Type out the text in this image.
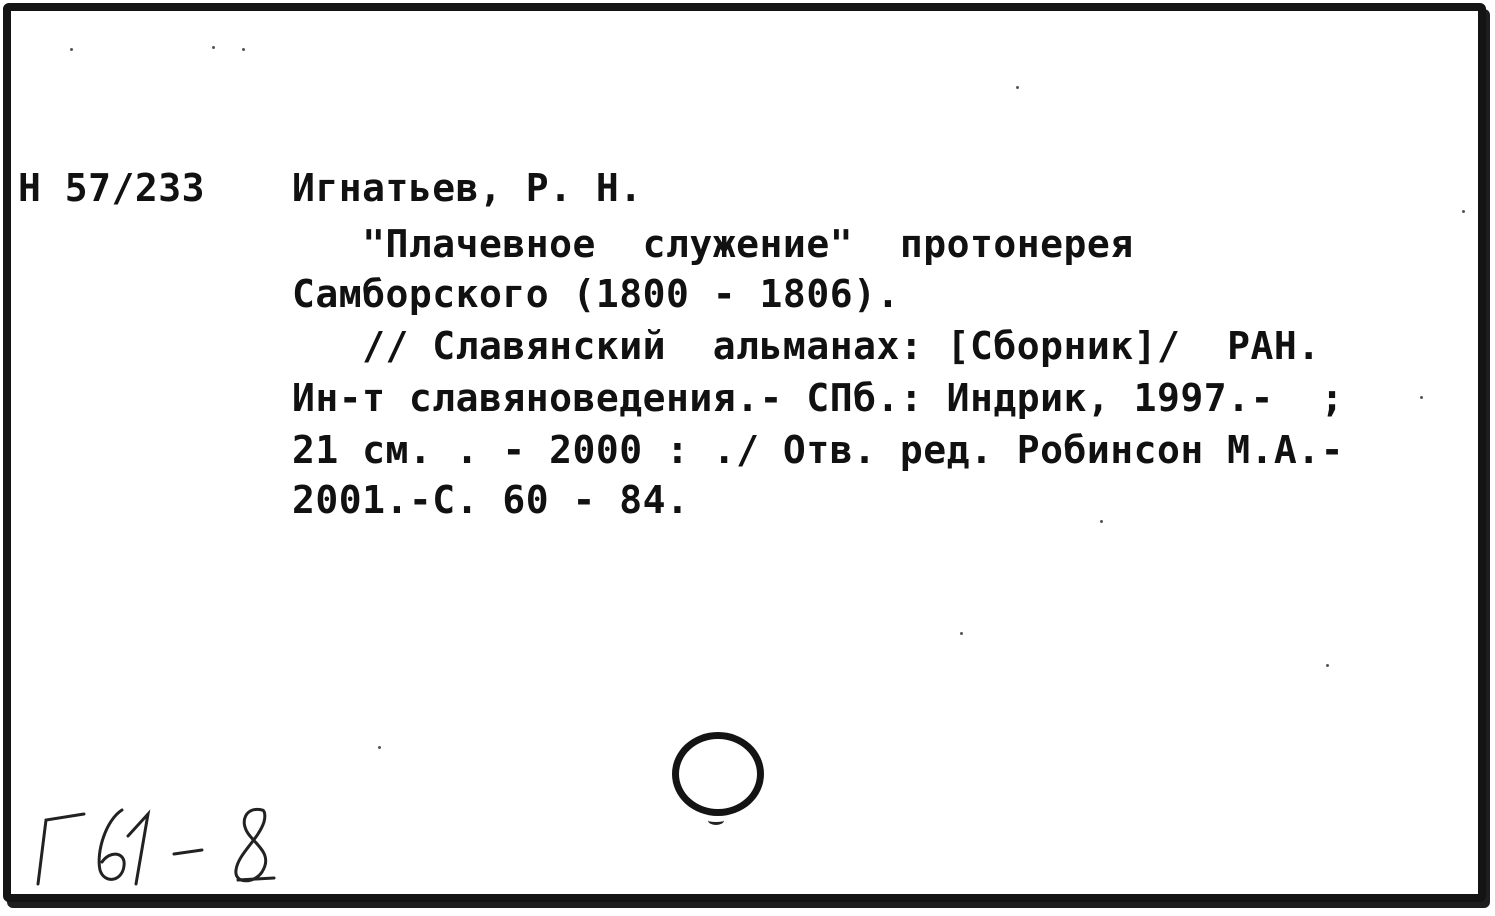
Н 57/233 Игнатьев, Р. Н.
"Плачевное  служение"  протонерея
Самборского (1800 - 1806).
// Славянский  альманах: [Сборник]/  РАН.
Ин-т славяноведения.- СПб.: Индрик, 1997.-  ;
21 см. . - 2000 : ./ Отв. ред. Робинсон М.А.-
2001.-С. 60 - 84.
